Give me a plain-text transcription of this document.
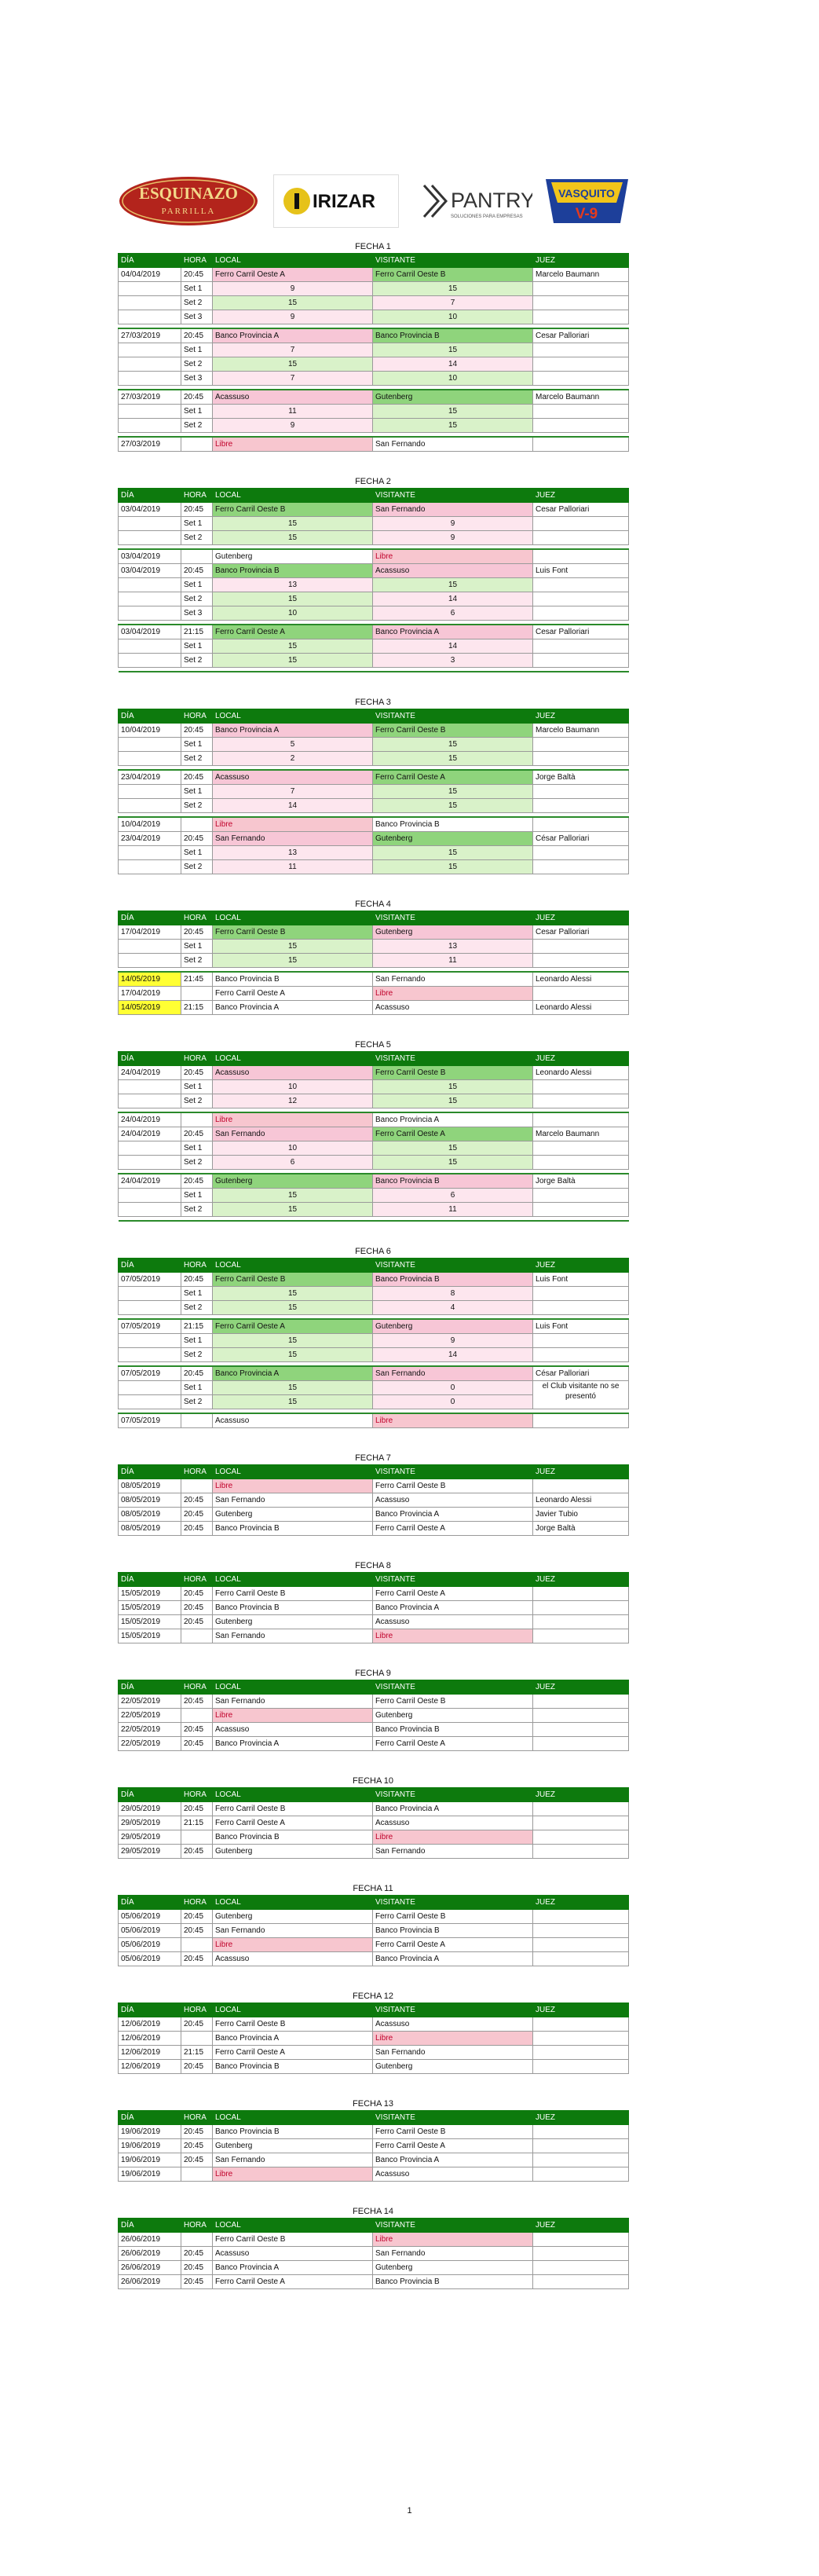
ESQUINAZO
PARRILLA	IRIZAR	PANTRY
SOLUCIONES PARA EMPRESAS
VASQUITO
V-9
FECHA 1
DÍA	HORA	LOCAL	VISITANTE	JUEZ
04/04/2019	20:45	Ferro Carril Oeste A	Ferro Carril Oeste B	Marcelo Baumann
	Set 1	9	15	
	Set 2	15	7	
	Set 3	9	10	

27/03/2019	20:45	Banco Provincia A	Banco Provincia B	Cesar Palloriari
	Set 1	7	15	
	Set 2	15	14	
	Set 3	7	10	

27/03/2019	20:45	Acassuso	Gutenberg	Marcelo Baumann
	Set 1	11	15	
	Set 2	9	15	

27/03/2019		Libre	San Fernando	
FECHA 2
DÍA	HORA	LOCAL	VISITANTE	JUEZ
03/04/2019	20:45	Ferro Carril Oeste B	San Fernando	Cesar Palloriari
	Set 1	15	9	
	Set 2	15	9	

03/04/2019		Gutenberg	Libre	
03/04/2019	20:45	Banco Provincia B	Acassuso	Luis Font
	Set 1	13	15	
	Set 2	15	14	
	Set 3	10	6	

03/04/2019	21:15	Ferro Carril Oeste A	Banco Provincia A	Cesar Palloriari
	Set 1	15	14	
	Set 2	15	3	

FECHA 3
DÍA	HORA	LOCAL	VISITANTE	JUEZ
10/04/2019	20:45	Banco Provincia A	Ferro Carril Oeste B	Marcelo Baumann
	Set 1	5	15	
	Set 2	2	15	

23/04/2019	20:45	Acassuso	Ferro Carril Oeste A	Jorge Baltà
	Set 1	7	15	
	Set 2	14	15	

10/04/2019		Libre	Banco Provincia B	
23/04/2019	20:45	San Fernando	Gutenberg	César Palloriari
	Set 1	13	15	
	Set 2	11	15	
FECHA 4
DÍA	HORA	LOCAL	VISITANTE	JUEZ
17/04/2019	20:45	Ferro Carril Oeste B	Gutenberg	Cesar Palloriari
	Set 1	15	13	
	Set 2	15	11	

14/05/2019	21:45	Banco Provincia B	San Fernando	Leonardo Alessi
17/04/2019		Ferro Carril Oeste A	Libre	
14/05/2019	21:15	Banco Provincia A	Acassuso	Leonardo Alessi
FECHA 5
DÍA	HORA	LOCAL	VISITANTE	JUEZ
24/04/2019	20:45	Acassuso	Ferro Carril Oeste B	Leonardo Alessi
	Set 1	10	15	
	Set 2	12	15	

24/04/2019		Libre	Banco Provincia A	
24/04/2019	20:45	San Fernando	Ferro Carril Oeste A	Marcelo Baumann
	Set 1	10	15	
	Set 2	6	15	

24/04/2019	20:45	Gutenberg	Banco Provincia B	Jorge Baltà
	Set 1	15	6	
	Set 2	15	11	

FECHA 6
DÍA	HORA	LOCAL	VISITANTE	JUEZ
07/05/2019	20:45	Ferro Carril Oeste B	Banco Provincia B	Luis Font
	Set 1	15	8	
	Set 2	15	4	

07/05/2019	21:15	Ferro Carril Oeste A	Gutenberg	Luis Font
	Set 1	15	9	
	Set 2	15	14	

07/05/2019	20:45	Banco Provincia A	San Fernando	César Palloriari
	Set 1	15	0	el Club visitante no se presentó
	Set 2	15	0	

07/05/2019		Acassuso	Libre	
FECHA 7
DÍA	HORA	LOCAL	VISITANTE	JUEZ
08/05/2019		Libre	Ferro Carril Oeste B	
08/05/2019	20:45	San Fernando	Acassuso	Leonardo Alessi
08/05/2019	20:45	Gutenberg	Banco Provincia A	Javier Tubio
08/05/2019	20:45	Banco Provincia B	Ferro Carril Oeste A	Jorge Baltà
FECHA 8
DÍA	HORA	LOCAL	VISITANTE	JUEZ
15/05/2019	20:45	Ferro Carril Oeste B	Ferro Carril Oeste A	
15/05/2019	20:45	Banco Provincia B	Banco Provincia A	
15/05/2019	20:45	Gutenberg	Acassuso	
15/05/2019		San Fernando	Libre	
FECHA 9
DÍA	HORA	LOCAL	VISITANTE	JUEZ
22/05/2019	20:45	San Fernando	Ferro Carril Oeste B	
22/05/2019		Libre	Gutenberg	
22/05/2019	20:45	Acassuso	Banco Provincia B	
22/05/2019	20:45	Banco Provincia A	Ferro Carril Oeste A	
FECHA 10
DÍA	HORA	LOCAL	VISITANTE	JUEZ
29/05/2019	20:45	Ferro Carril Oeste B	Banco Provincia A	
29/05/2019	21:15	Ferro Carril Oeste A	Acassuso	
29/05/2019		Banco Provincia B	Libre	
29/05/2019	20:45	Gutenberg	San Fernando	
FECHA 11
DÍA	HORA	LOCAL	VISITANTE	JUEZ
05/06/2019	20:45	Gutenberg	Ferro Carril Oeste B	
05/06/2019	20:45	San Fernando	Banco Provincia B	
05/06/2019		Libre	Ferro Carril Oeste A	
05/06/2019	20:45	Acassuso	Banco Provincia A	
FECHA 12
DÍA	HORA	LOCAL	VISITANTE	JUEZ
12/06/2019	20:45	Ferro Carril Oeste B	Acassuso	
12/06/2019		Banco Provincia A	Libre	
12/06/2019	21:15	Ferro Carril Oeste A	San Fernando	
12/06/2019	20:45	Banco Provincia B	Gutenberg	
FECHA 13
DÍA	HORA	LOCAL	VISITANTE	JUEZ
19/06/2019	20:45	Banco Provincia B	Ferro Carril Oeste B	
19/06/2019	20:45	Gutenberg	Ferro Carril Oeste A	
19/06/2019	20:45	San Fernando	Banco Provincia A	
19/06/2019		Libre	Acassuso	
FECHA 14
DÍA	HORA	LOCAL	VISITANTE	JUEZ
26/06/2019		Ferro Carril Oeste B	Libre	
26/06/2019	20:45	Acassuso	San Fernando	
26/06/2019	20:45	Banco Provincia A	Gutenberg	
26/06/2019	20:45	Ferro Carril Oeste A	Banco Provincia B	
1
